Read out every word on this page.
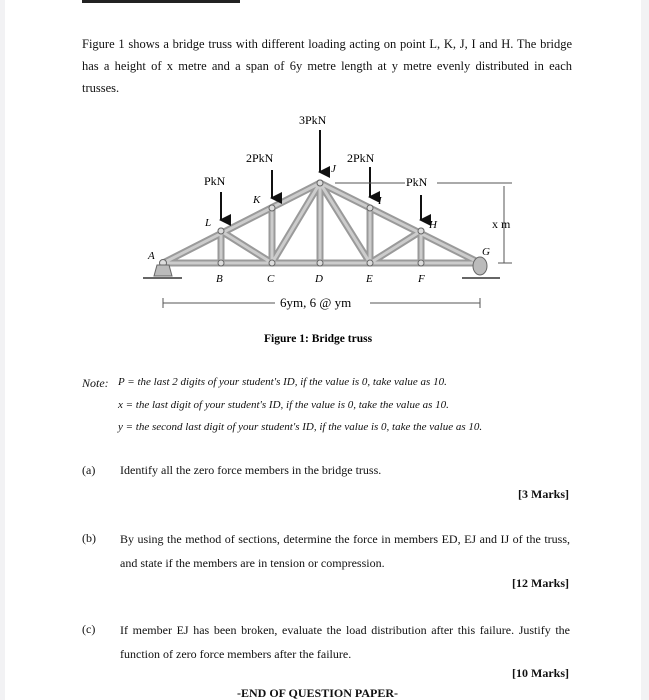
Figure 1 shows a bridge truss with different loading acting on point L, K, J, I and H. The bridge has a height of x metre and a span of 6y metre length at y metre evenly distributed in each trusses.
PkN
2PkN
3PkN
2PkN
PkN
A
B	C	D	E	F
G
H
I
J
K
L	x m
6ym, 6 @ ym
Figure 1: Bridge truss
Note: P = the last 2 digits of your student's ID, if the value is 0, take value as 10.
x = the last digit of your student's ID, if the value is 0, take the value as 10.
y = the second last digit of your student's ID, if the value is 0, take the value as 10.
(a) Identify all the zero force members in the bridge truss.
[3 Marks]
(b) By using the method of sections, determine the force in members ED, EJ and IJ of the truss, and state if the members are in tension or compression.
[12 Marks]
(c) If member EJ has been broken, evaluate the load distribution after this failure. Justify the function of zero force members after the failure.
[10 Marks]
-END OF QUESTION PAPER-
